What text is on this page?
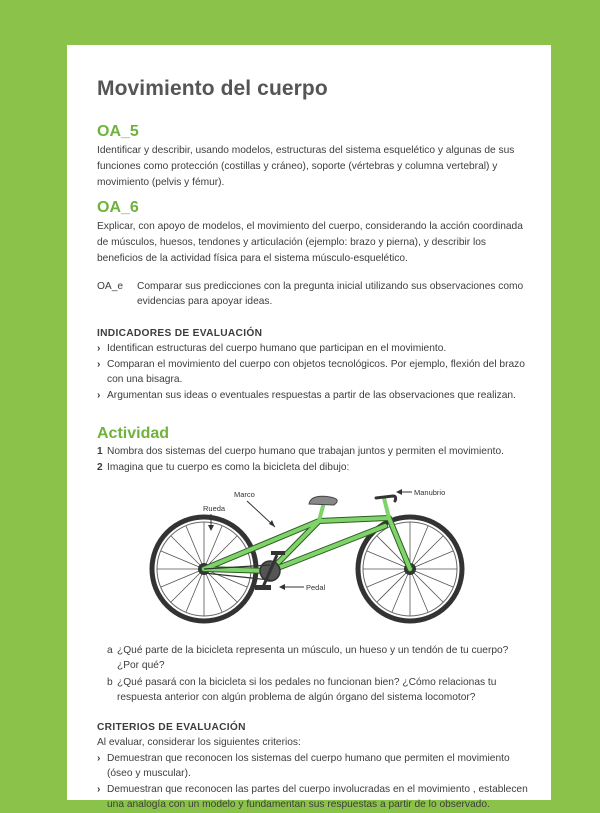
Movimiento del cuerpo
OA_5

Identificar y describir, usando modelos, estructuras del sistema esquelético y algunas de sus funciones como protección (costillas y cráneo), soporte (vértebras y columna vertebral) y movimiento (pelvis y fémur).

OA_6

Explicar, con apoyo de modelos, el movimiento del cuerpo, considerando la acción coordinada de músculos, huesos, tendones y articulación (ejemplo: brazo y pierna), y describir los beneficios de la actividad física para el sistema músculo-esquelético.

OA_e	Comparar sus predicciones con la pregunta inicial utilizando sus observaciones como evidencias para apoyar ideas.
INDICADORES DE EVALUACIÓN
› Identifican estructuras del cuerpo humano que participan en el movimiento.
› Comparan el movimiento del cuerpo con objetos tecnológicos. Por ejemplo, flexión del brazo con una bisagra.
› Argumentan sus ideas o eventuales respuestas a partir de las observaciones que realizan.
Actividad
1 Nombra dos sistemas del cuerpo humano que trabajan juntos y permiten el movimiento.
2 Imagina que tu cuerpo es como la bicicleta del dibujo:
Marco
Rueda
Manubrio
Pedal
a ¿Qué parte de la bicicleta representa un músculo, un hueso y un tendón de tu cuerpo? ¿Por qué?
b ¿Qué pasará con la bicicleta si los pedales no funcionan bien? ¿Cómo relacionas tu respuesta anterior con algún problema de algún órgano del sistema locomotor?
CRITERIOS DE EVALUACIÓN

Al evaluar, considerar los siguientes criterios:

› Demuestran que reconocen los sistemas del cuerpo humano que permiten el movimiento (óseo y muscular).
› Demuestran que reconocen las partes del cuerpo involucradas en el movimiento , establecen una analogía con un modelo y fundamentan sus respuestas a partir de lo observado.
